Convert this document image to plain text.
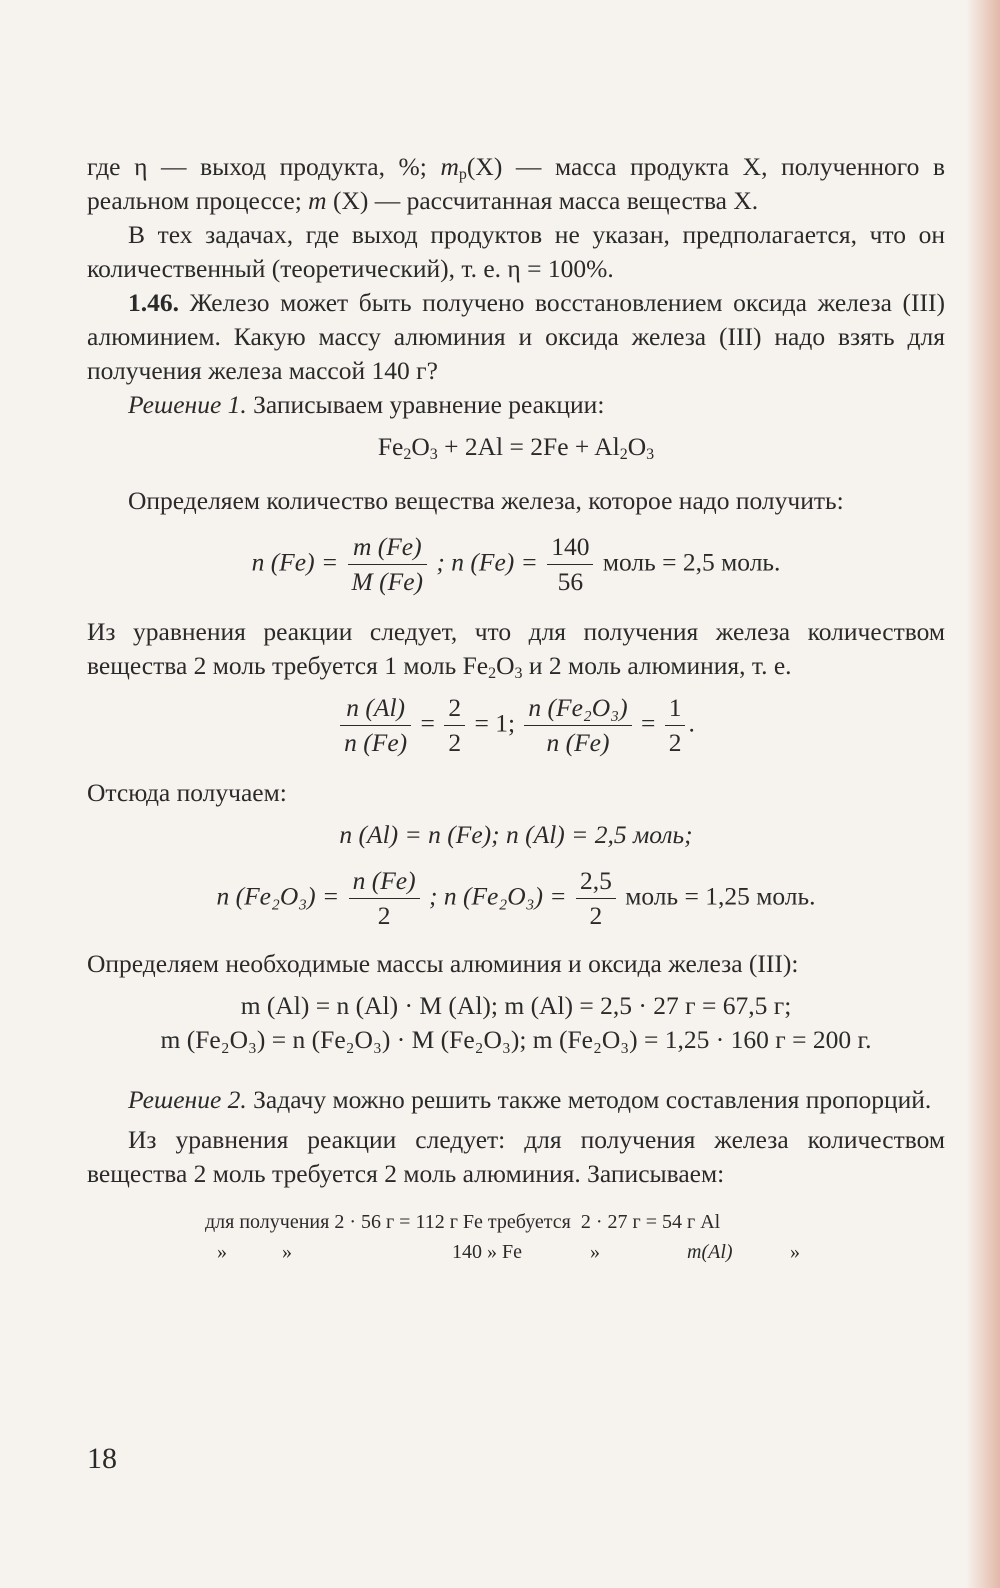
где η — выход продукта, %; $m_р(X)$ — масса продукта X, полученного в реальном процессе; m (X) — рассчитанная масса вещества X.

В тех задачах, где выход продуктов не указан, предполагается, что он количественный (теоретический), т. е. η = 100%.

1.46. Железо может быть получено восстановлением оксида железа (III) алюминием. Какую массу алюминия и оксида железа (III) надо взять для получения железа массой 140 г?

Решение 1. Записываем уравнение реакции:

$Fe_2O_3 + 2Al = 2Fe + Al_2O_3$

Определяем количество вещества железа, которое надо получить:

n $(Fe) = \frac{m (Fe)}{M (Fe)}$ ; n $(Fe) = \frac{140}{56}$ моль = 2,5 моль.

Из уравнения реакции следует, что для получения железа количеством вещества 2 моль требуется 1 моль $Fe_2O_3$ и 2 моль алюминия, т. е.

$\frac{n (Al)}{n (Fe)} = \frac{2}{2} = 1$; $\frac{\text{n (Fe₂O₃)}}{n (Fe)} = \frac{1}{2}$ .

Отсюда получаем:

n (Al) = n (Fe); n (Al) = 2,5 моль;
n $(Fe_2O_3) = \frac{n (Fe)}{2}$ ; n $(Fe_2O_3) = \frac{2,5}{2}$ моль = 1,25 моль.

Определяем необходимые массы алюминия и оксида железа (III):

m (Al) = n (Al) · M (Al); m (Al) = 2,5 · 27 г = 67,5 г;
m (Fe₂O₃) = n (Fe₂O₃) · M (Fe₂O₃); m (Fe₂O₃) = 1,25 · 160 г = 200 г.

Решение 2. Задачу можно решить также методом составления пропорций.

Из уравнения реакции следует: для получения железа количеством вещества 2 моль требуется 2 моль алюминия. Записываем:

для получения 2 · 56 г = 112 г Fe требуется 2 · 27 г = 54 г Al
»	»	140 » Fe	»	m(Al)	»
18
